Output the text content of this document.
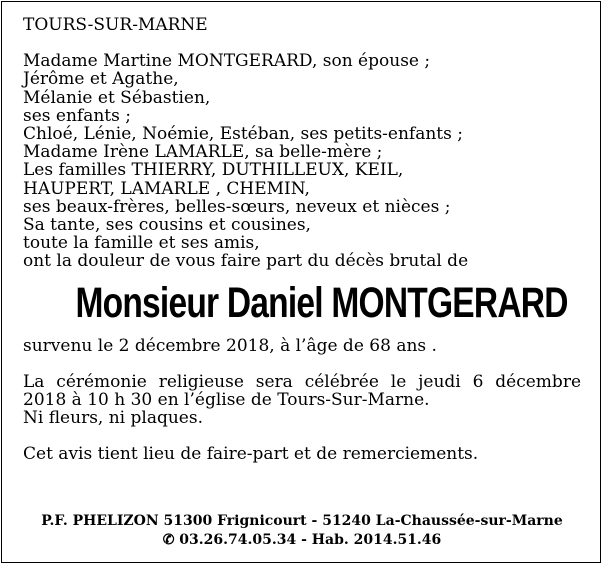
TOURS-SUR-MARNE
Madame Martine MONTGERARD, son épouse ;
Jérôme et Agathe,
Mélanie et Sébastien,
ses enfants ;
Chloé, Lénie, Noémie, Estéban, ses petits-enfants ;
Madame Irène LAMARLE, sa belle-mère ;
Les familles THIERRY, DUTHILLEUX, KEIL,
HAUPERT, LAMARLE , CHEMIN,
ses beaux-frères, belles-sœurs, neveux et nièces ;
Sa tante, ses cousins et cousines,
toute la famille et ses amis,
ont la douleur de vous faire part du décès brutal de
Monsieur Daniel MONTGERARD
survenu le 2 décembre 2018, à l’âge de 68 ans .
La cérémonie religieuse sera célébrée le jeudi 6 décembre
2018 à 10 h 30 en l’église de Tours-Sur-Marne.
Ni fleurs, ni plaques.
Cet avis tient lieu de faire-part et de remerciements.
P.F. PHELIZON 51300 Frignicourt - 51240 La-Chaussée-sur-Marne
✆ 03.26.74.05.34 - Hab. 2014.51.46
